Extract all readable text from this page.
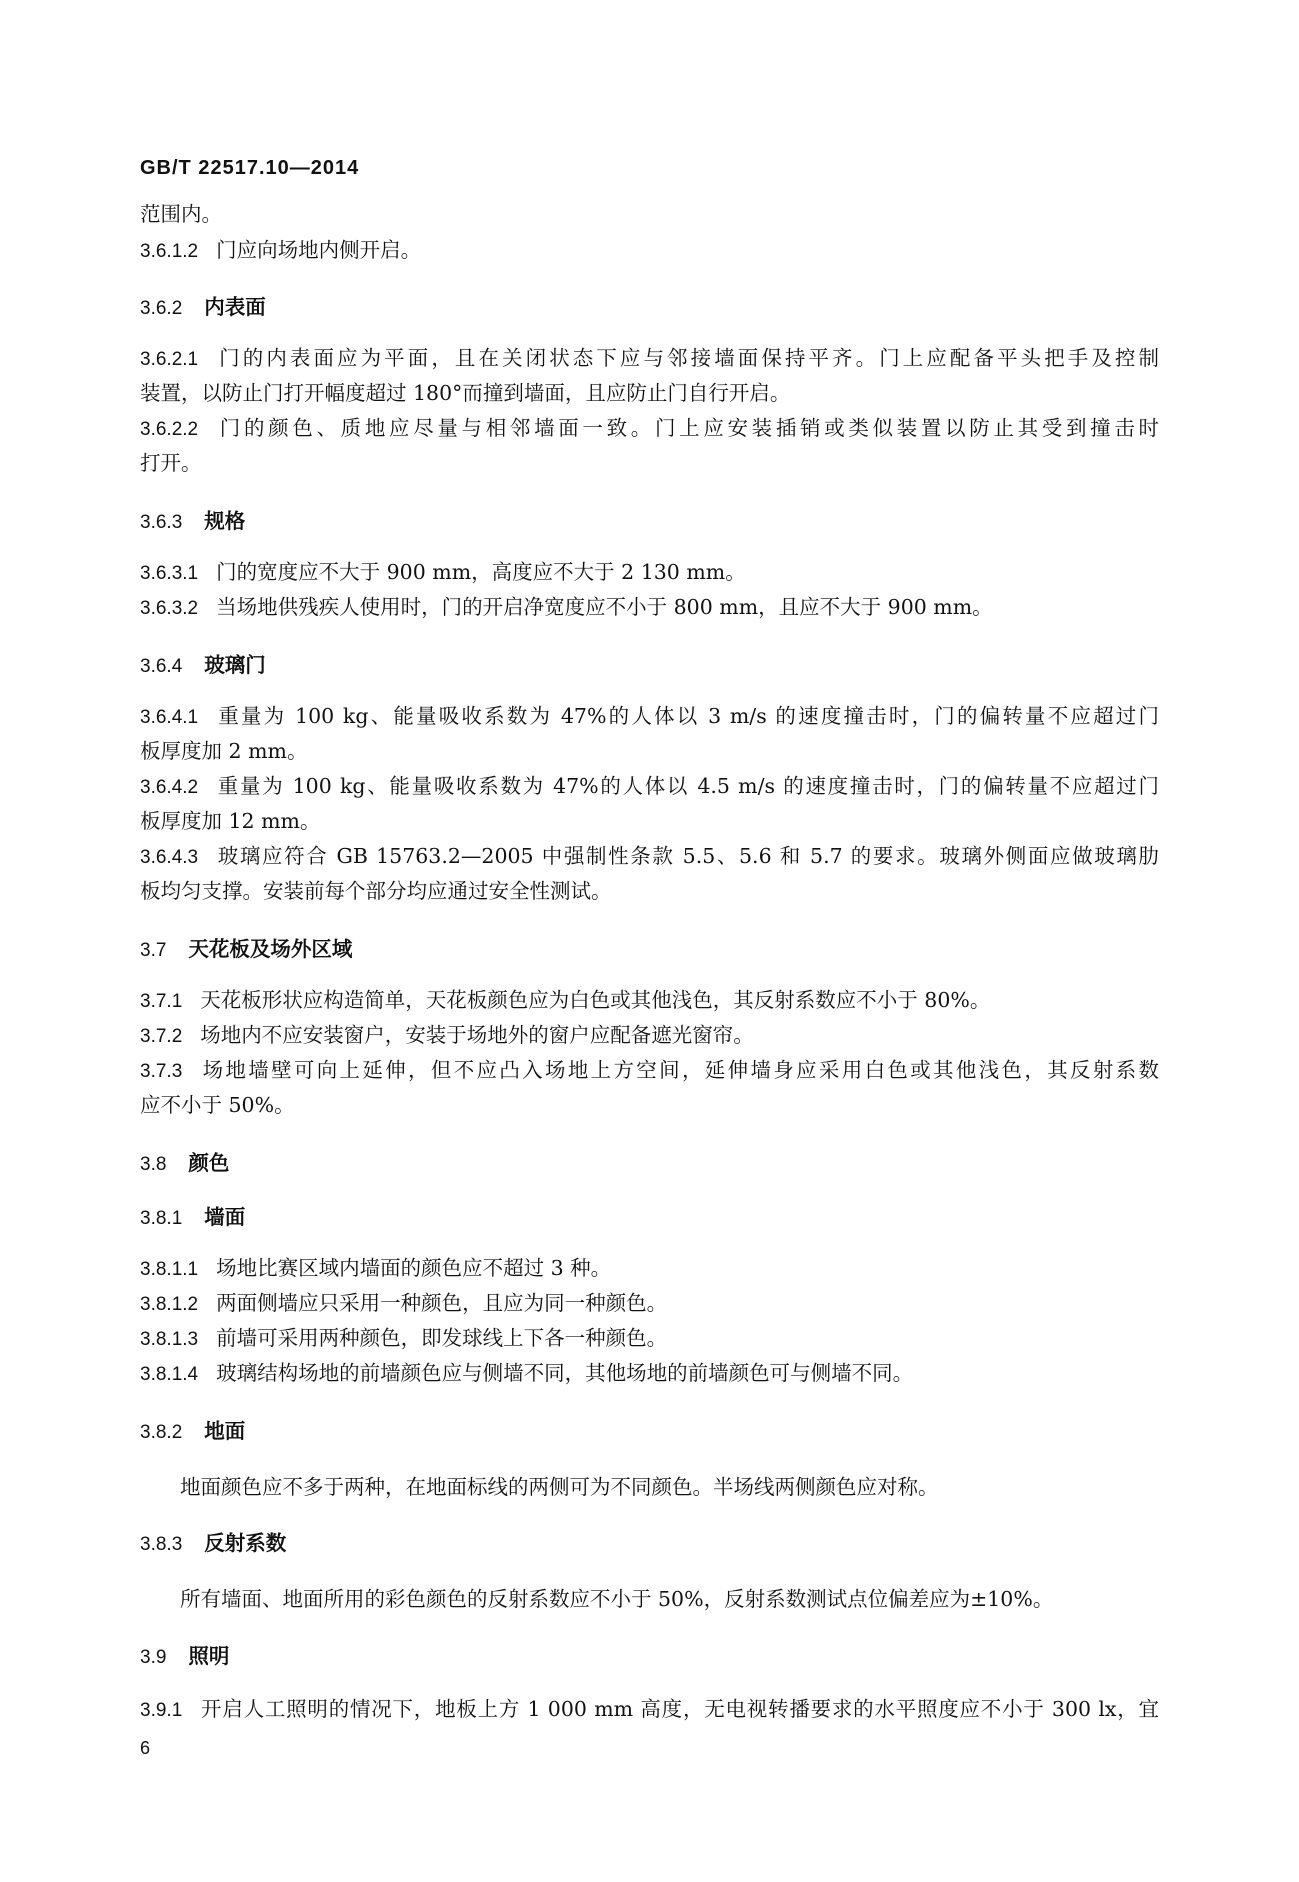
GB/T 22517.10—2014
范围内。
3.6.1.2 门应向场地内侧开启。
3.6.2 内表面
3.6.2.1 门的内表面应为平面，且在关闭状态下应与邻接墙面保持平齐。门上应配备平头把手及控制
装置，以防止门打开幅度超过 180°而撞到墙面，且应防止门自行开启。
3.6.2.2 门的颜色、质地应尽量与相邻墙面一致。门上应安装插销或类似装置以防止其受到撞击时
打开。
3.6.3 规格
3.6.3.1 门的宽度应不大于 900 mm，高度应不大于 2 130 mm。
3.6.3.2 当场地供残疾人使用时，门的开启净宽度应不小于 800 mm，且应不大于 900 mm。
3.6.4 玻璃门
3.6.4.1 重量为 100 kg、能量吸收系数为 47%的人体以 3 m/s 的速度撞击时，门的偏转量不应超过门
板厚度加 2 mm。
3.6.4.2 重量为 100 kg、能量吸收系数为 47%的人体以 4.5 m/s 的速度撞击时，门的偏转量不应超过门
板厚度加 12 mm。
3.6.4.3 玻璃应符合 GB 15763.2—2005 中强制性条款 5.5、5.6 和 5.7 的要求。玻璃外侧面应做玻璃肋
板均匀支撑。安装前每个部分均应通过安全性测试。
3.7 天花板及场外区域
3.7.1 天花板形状应构造简单，天花板颜色应为白色或其他浅色，其反射系数应不小于 80%。
3.7.2 场地内不应安装窗户，安装于场地外的窗户应配备遮光窗帘。
3.7.3 场地墙壁可向上延伸，但不应凸入场地上方空间，延伸墙身应采用白色或其他浅色，其反射系数
应不小于 50%。
3.8 颜色
3.8.1 墙面
3.8.1.1 场地比赛区域内墙面的颜色应不超过 3 种。
3.8.1.2 两面侧墙应只采用一种颜色，且应为同一种颜色。
3.8.1.3 前墙可采用两种颜色，即发球线上下各一种颜色。
3.8.1.4 玻璃结构场地的前墙颜色应与侧墙不同，其他场地的前墙颜色可与侧墙不同。
3.8.2 地面
地面颜色应不多于两种，在地面标线的两侧可为不同颜色。半场线两侧颜色应对称。
3.8.3 反射系数
所有墙面、地面所用的彩色颜色的反射系数应不小于 50%，反射系数测试点位偏差应为±10%。
3.9 照明
3.9.1 开启人工照明的情况下，地板上方 1 000 mm 高度，无电视转播要求的水平照度应不小于 300 lx，宜
6
